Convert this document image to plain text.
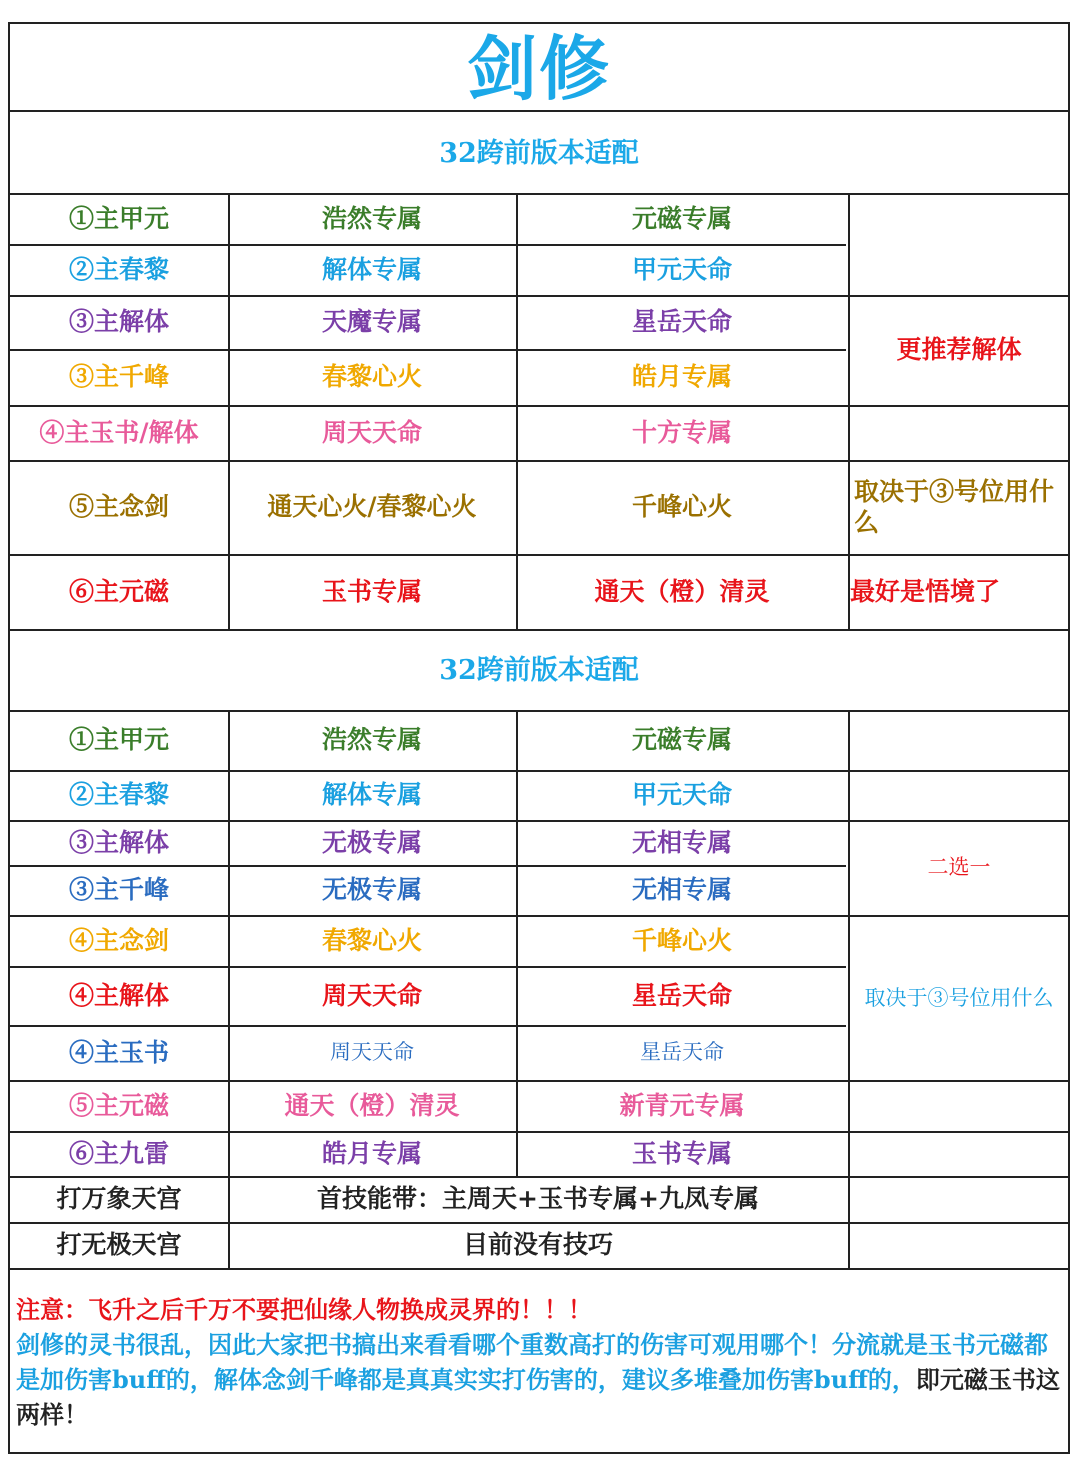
剑修
32跨前版本适配
①主甲元	浩然专属	元磁专属
②主春黎	解体专属	甲元天命
③主解体	天魔专属	星岳天命
③主千峰	春黎心火	皓月专属
更推荐解体
④主玉书/解体	周天天命	十方专属
⑤主念剑	通天心火/春黎心火	千峰心火
取决于③号位用什么
⑥主元磁	玉书专属	通天（橙）清灵	最好是悟境了
32跨前版本适配
①主甲元	浩然专属	元磁专属
②主春黎	解体专属	甲元天命
③主解体	无极专属	无相专属
③主千峰	无极专属	无相专属
二选一
④主念剑	春黎心火	千峰心火
④主解体	周天天命	星岳天命
④主玉书	周天天命	星岳天命
取决于③号位用什么
⑤主元磁	通天（橙）清灵	新青元专属
⑥主九雷	皓月专属	玉书专属
打万象天宫	首技能带：主周天+玉书专属+九凤专属
打无极天宫	目前没有技巧
注意：飞升之后千万不要把仙缘人物换成灵界的！！！
剑修的灵书很乱，因此大家把书搞出来看看哪个重数高打的伤害可观用哪个！分流就是玉书元磁都是加伤害buff的，解体念剑千峰都是真真实实打伤害的，建议多堆叠加伤害buff的，即元磁玉书这两样！
